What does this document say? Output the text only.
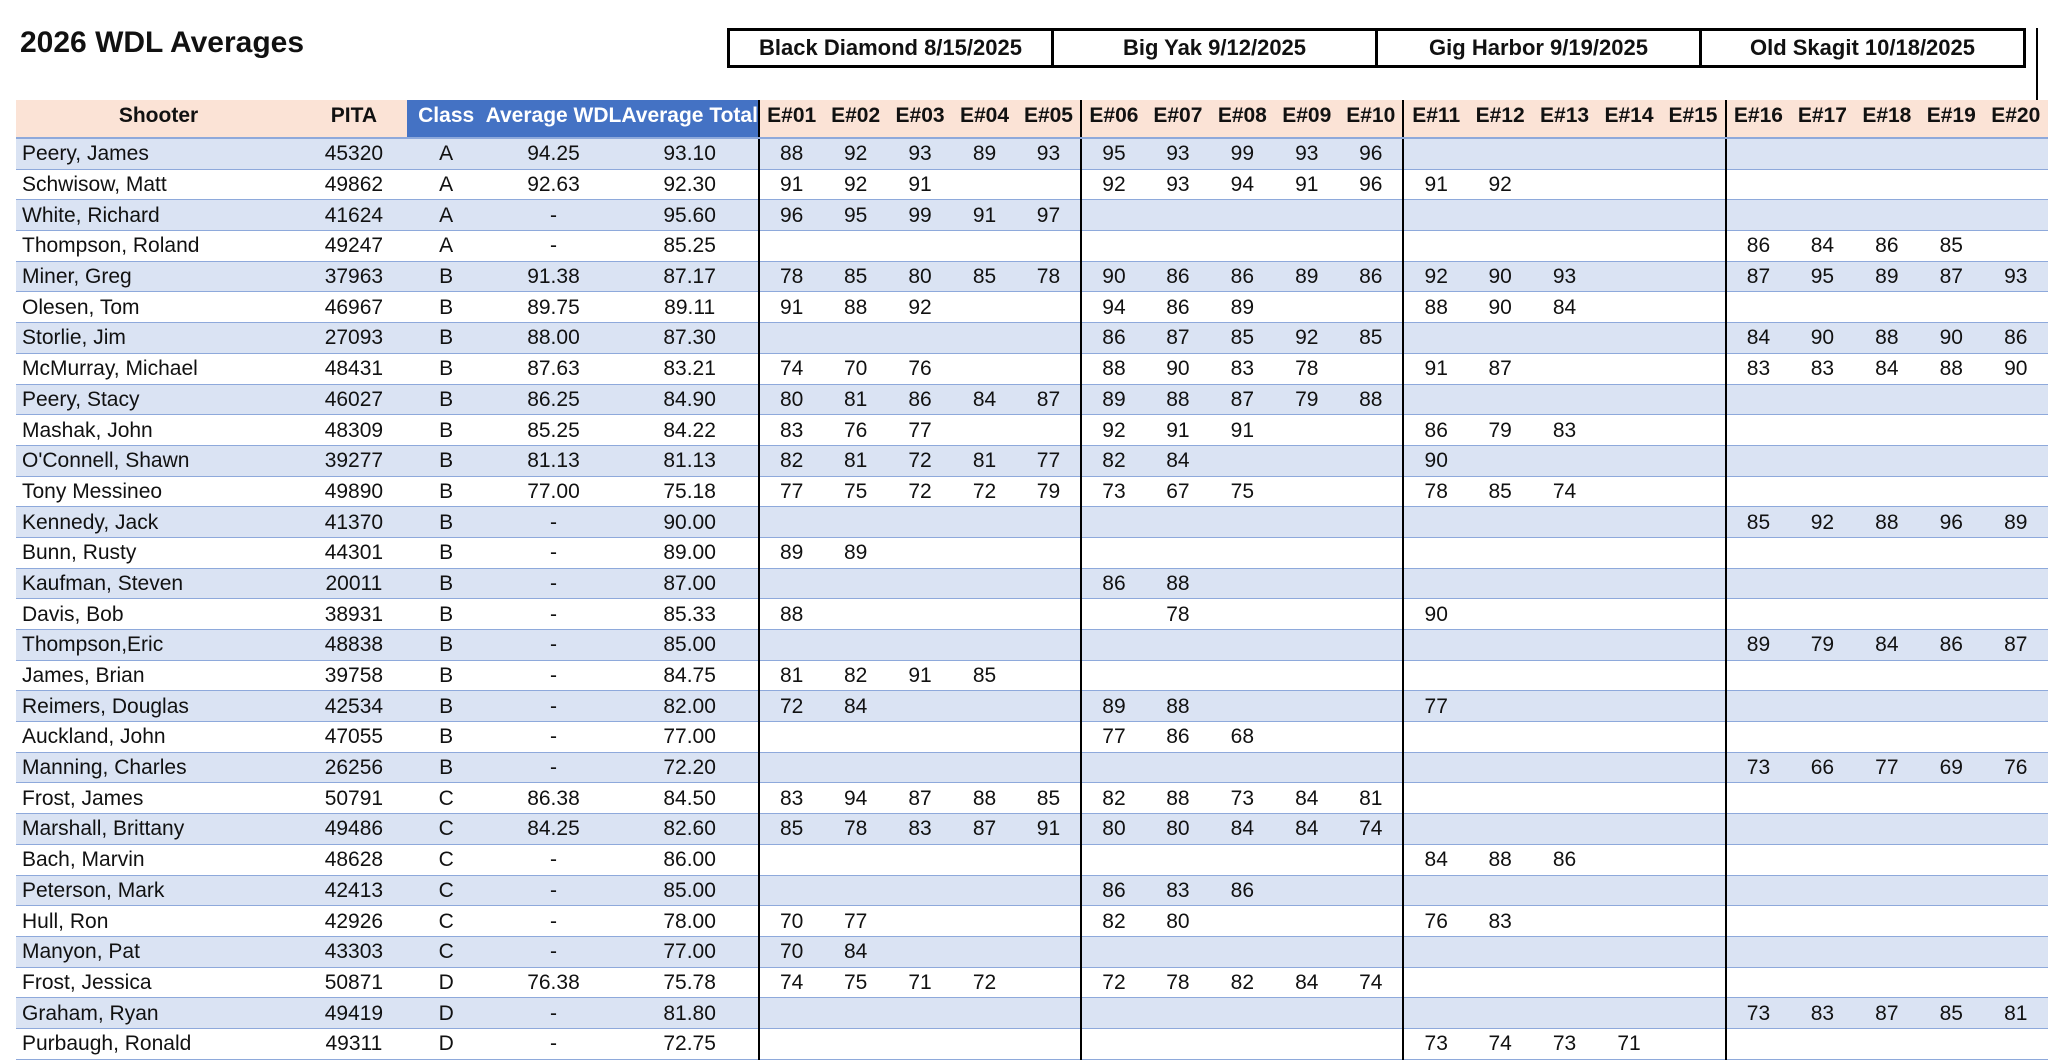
2026 WDL Averages	Black Diamond 8/15/2025	Big Yak 9/12/2025	Gig Harbor 9/19/2025	Old Skagit 10/18/2025
Shooter	PITA	Class	Average WDL	Average Total	E#01	E#02	E#03	E#04	E#05	E#06	E#07	E#08	E#09	E#10	E#11	E#12	E#13	E#14	E#15	E#16	E#17	E#18	E#19	E#20
Peery, James	45320	A	94.25	93.10	88	92	93	89	93	95	93	99	93	96										
Schwisow, Matt	49862	A	92.63	92.30	91	92	91			92	93	94	91	96	91	92								
White, Richard	41624	A	-	95.60	96	95	99	91	97															
Thompson, Roland	49247	A	-	85.25																86	84	86	85	
Miner, Greg	37963	B	91.38	87.17	78	85	80	85	78	90	86	86	89	86	92	90	93			87	95	89	87	93
Olesen, Tom	46967	B	89.75	89.11	91	88	92			94	86	89			88	90	84							
Storlie, Jim	27093	B	88.00	87.30						86	87	85	92	85						84	90	88	90	86
McMurray, Michael	48431	B	87.63	83.21	74	70	76			88	90	83	78		91	87				83	83	84	88	90
Peery, Stacy	46027	B	86.25	84.90	80	81	86	84	87	89	88	87	79	88										
Mashak, John	48309	B	85.25	84.22	83	76	77			92	91	91			86	79	83							
O'Connell, Shawn	39277	B	81.13	81.13	82	81	72	81	77	82	84				90									
Tony Messineo	49890	B	77.00	75.18	77	75	72	72	79	73	67	75			78	85	74							
Kennedy, Jack	41370	B	-	90.00																85	92	88	96	89
Bunn, Rusty	44301	B	-	89.00	89	89																		
Kaufman, Steven	20011	B	-	87.00						86	88													
Davis, Bob	38931	B	-	85.33	88						78				90									
Thompson,Eric	48838	B	-	85.00																89	79	84	86	87
James, Brian	39758	B	-	84.75	81	82	91	85																
Reimers, Douglas	42534	B	-	82.00	72	84				89	88				77									
Auckland, John	47055	B	-	77.00						77	86	68												
Manning, Charles	26256	B	-	72.20																73	66	77	69	76
Frost, James	50791	C	86.38	84.50	83	94	87	88	85	82	88	73	84	81										
Marshall, Brittany	49486	C	84.25	82.60	85	78	83	87	91	80	80	84	84	74										
Bach, Marvin	48628	C	-	86.00											84	88	86							
Peterson, Mark	42413	C	-	85.00						86	83	86												
Hull, Ron	42926	C	-	78.00	70	77				82	80				76	83								
Manyon, Pat	43303	C	-	77.00	70	84																		
Frost, Jessica	50871	D	76.38	75.78	74	75	71	72		72	78	82	84	74										
Graham, Ryan	49419	D	-	81.80																73	83	87	85	81
Purbaugh, Ronald	49311	D	-	72.75											73	74	73	71						
